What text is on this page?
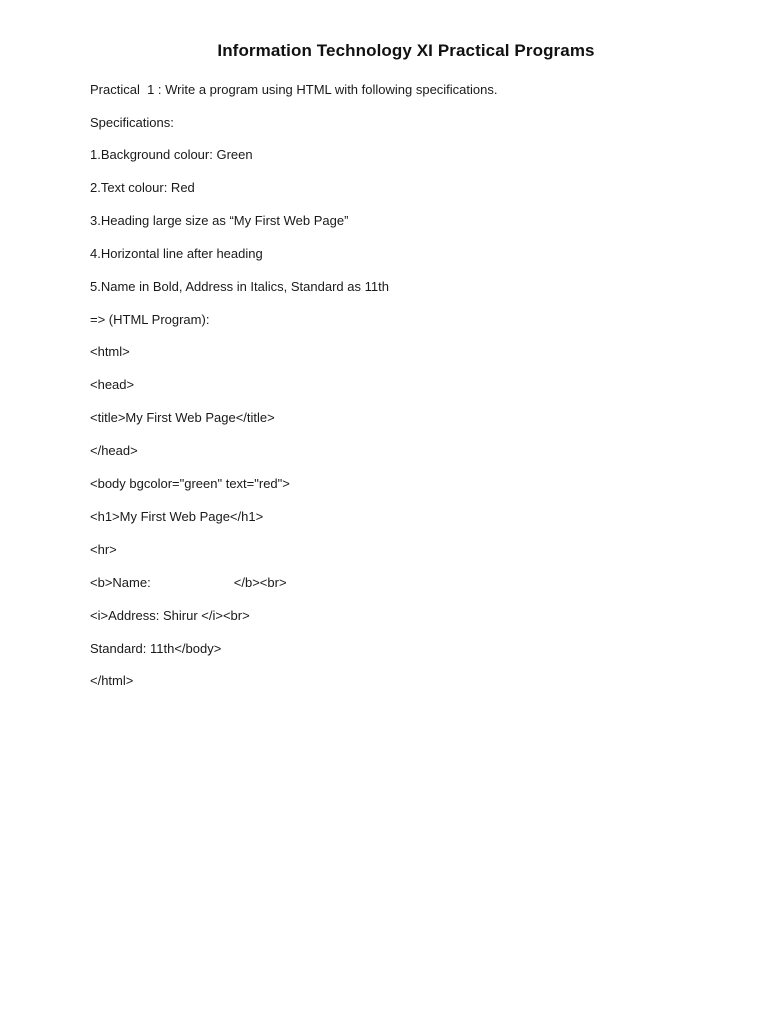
Information Technology XI Practical Programs
Practical  1 : Write a program using HTML with following specifications.
Specifications:
1.Background colour: Green
2.Text colour: Red
3.Heading large size as “My First Web Page”
4.Horizontal line after heading
5.Name in Bold, Address in Italics, Standard as 11th
=> (HTML Program):
<html>
<head>
<title>My First Web Page</title>
</head>
<body bgcolor="green" text="red">
<h1>My First Web Page</h1>
<hr>
<b>Name:                       </b><br>
<i>Address: Shirur </i><br>
Standard: 11th</body>
</html>
